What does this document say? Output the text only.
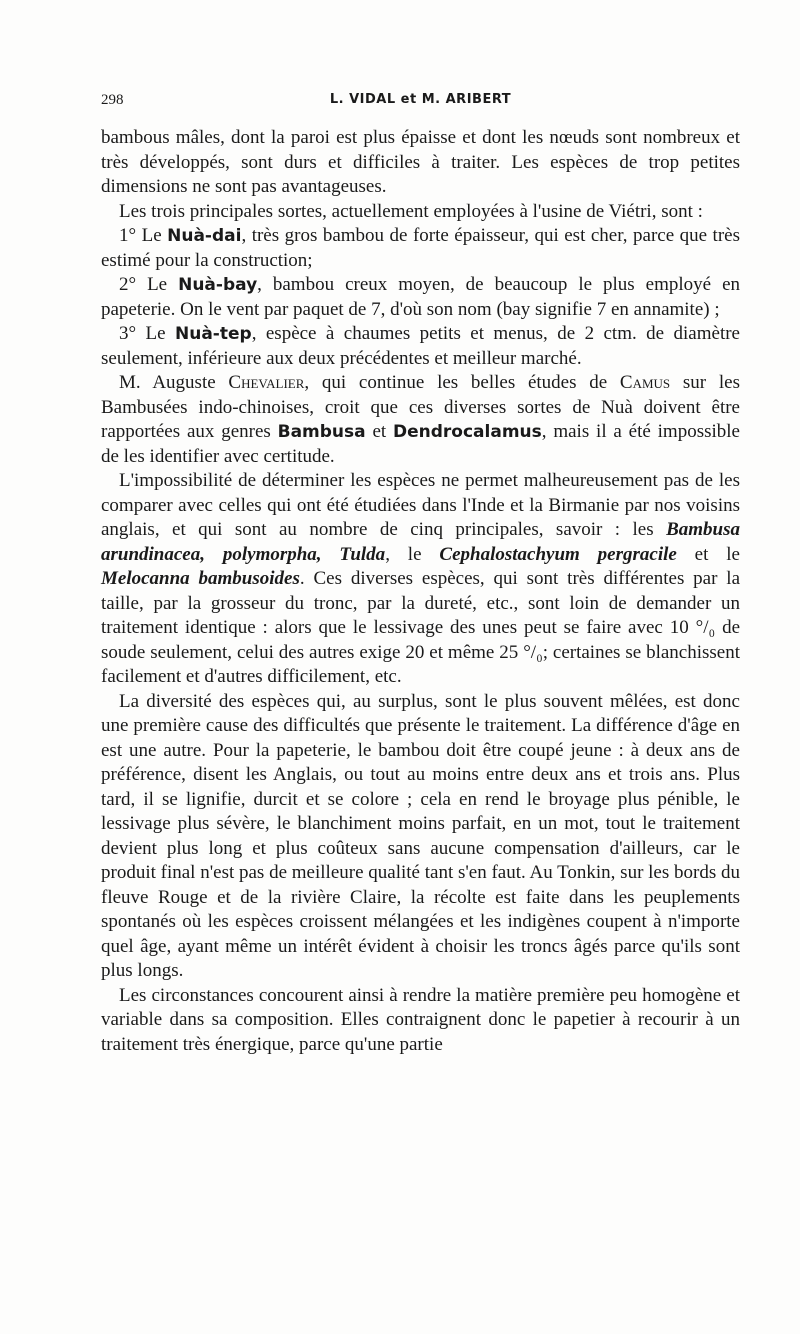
298	L. VIDAL et M. ARIBERT

bambous mâles, dont la paroi est plus épaisse et dont les nœuds sont nombreux et très développés, sont durs et difficiles à traiter. Les espèces de trop petites dimensions ne sont pas avantageuses.

Les trois principales sortes, actuellement employées à l'usine de Viétri, sont :

1° Le Nuà-dai, très gros bambou de forte épaisseur, qui est cher, parce que très estimé pour la construction;

2° Le Nuà-bay, bambou creux moyen, de beaucoup le plus employé en papeterie. On le vent par paquet de 7, d'où son nom (bay signifie 7 en annamite) ;

3° Le Nuà-tep, espèce à chaumes petits et menus, de 2 ctm. de diamètre seulement, inférieure aux deux précédentes et meilleur marché.

M. Auguste Chevalier, qui continue les belles études de Camus sur les Bambusées indo-chinoises, croit que ces diverses sortes de Nuà doivent être rapportées aux genres Bambusa et Dendrocalamus, mais il a été impossible de les identifier avec certitude.

L'impossibilité de déterminer les espèces ne permet malheureusement pas de les comparer avec celles qui ont été étudiées dans l'Inde et la Birmanie par nos voisins anglais, et qui sont au nombre de cinq principales, savoir : les Bambusa arundinacea, polymorpha, Tulda, le Cephalostachyum pergracile et le Melocanna bambusoides. Ces diverses espèces, qui sont très différentes par la taille, par la grosseur du tronc, par la dureté, etc., sont loin de demander un traitement identique : alors que le lessivage des unes peut se faire avec 10 °/₀ de soude seulement, celui des autres exige 20 et même 25 °/₀; certaines se blanchissent facilement et d'autres difficilement, etc.

La diversité des espèces qui, au surplus, sont le plus souvent mêlées, est donc une première cause des difficultés que présente le traitement. La différence d'âge en est une autre. Pour la papeterie, le bambou doit être coupé jeune : à deux ans de préférence, disent les Anglais, ou tout au moins entre deux ans et trois ans. Plus tard, il se lignifie, durcit et se colore ; cela en rend le broyage plus pénible, le lessivage plus sévère, le blanchiment moins parfait, en un mot, tout le traitement devient plus long et plus coûteux sans aucune compensation d'ailleurs, car le produit final n'est pas de meilleure qualité tant s'en faut. Au Tonkin, sur les bords du fleuve Rouge et de la rivière Claire, la récolte est faite dans les peuplements spontanés où les espèces croissent mélangées et les indigènes coupent à n'importe quel âge, ayant même un intérêt évident à choisir les troncs âgés parce qu'ils sont plus longs.

Les circonstances concourent ainsi à rendre la matière première peu homogène et variable dans sa composition. Elles contraignent donc le papetier à recourir à un traitement très énergique, parce qu'une partie
